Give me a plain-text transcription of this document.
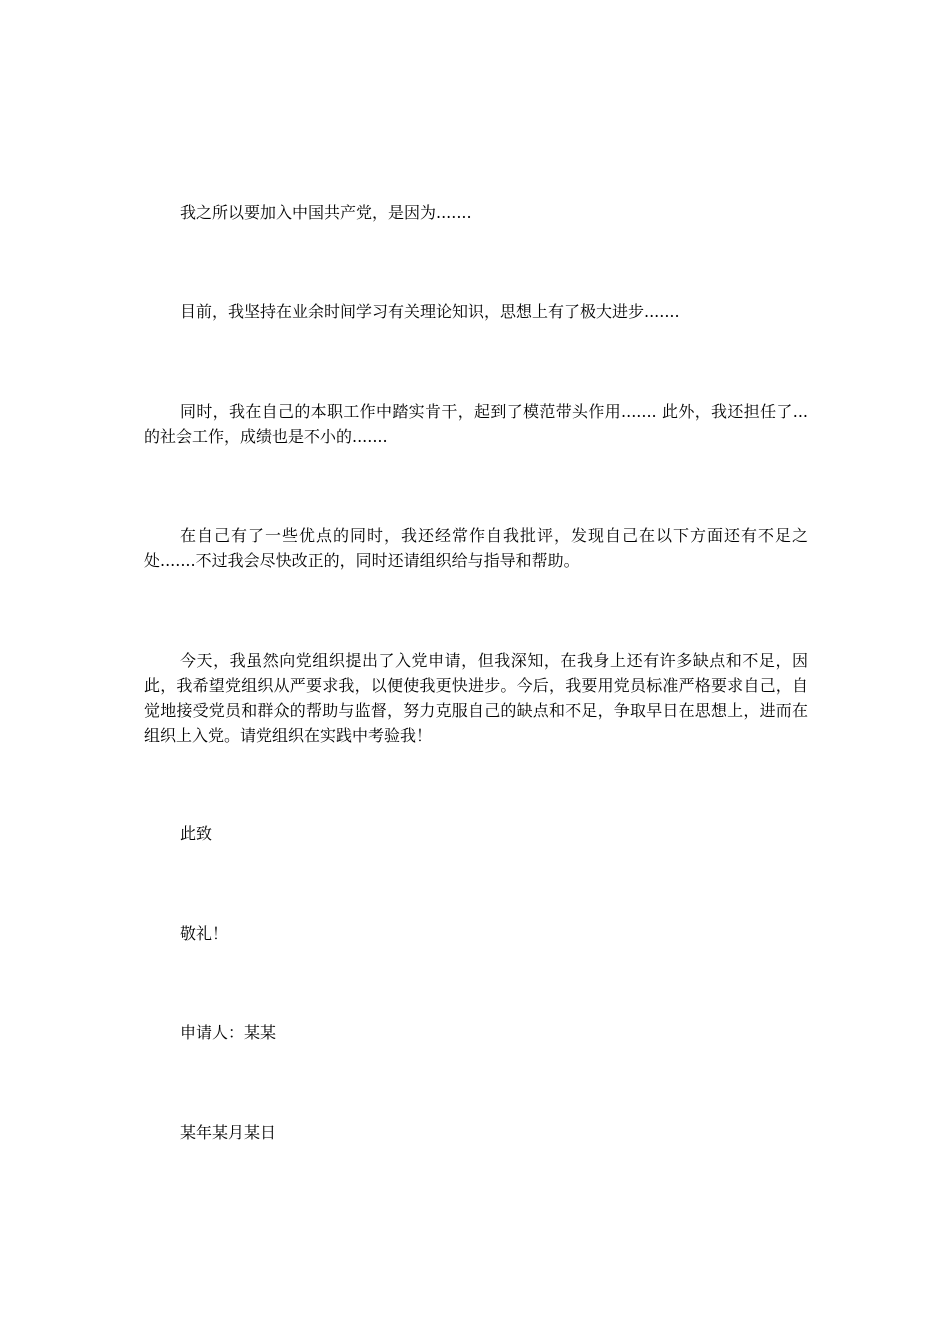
我之所以要加入中国共产党，是因为.......

目前，我坚持在业余时间学习有关理论知识，思想上有了极大进步.......

同时，我在自己的本职工作中踏实肯干，起到了模范带头作用....... 此外，我还担任了...的社会工作，成绩也是不小的.......

在自己有了一些优点的同时，我还经常作自我批评，发现自己在以下方面还有不足之处.......不过我会尽快改正的，同时还请组织给与指导和帮助。

今天，我虽然向党组织提出了入党申请，但我深知，在我身上还有许多缺点和不足，因此，我希望党组织从严要求我，以便使我更快进步。今后，我要用党员标准严格要求自己，自觉地接受党员和群众的帮助与监督，努力克服自己的缺点和不足，争取早日在思想上，进而在组织上入党。请党组织在实践中考验我！

此致

敬礼！

申请人：某某

某年某月某日
